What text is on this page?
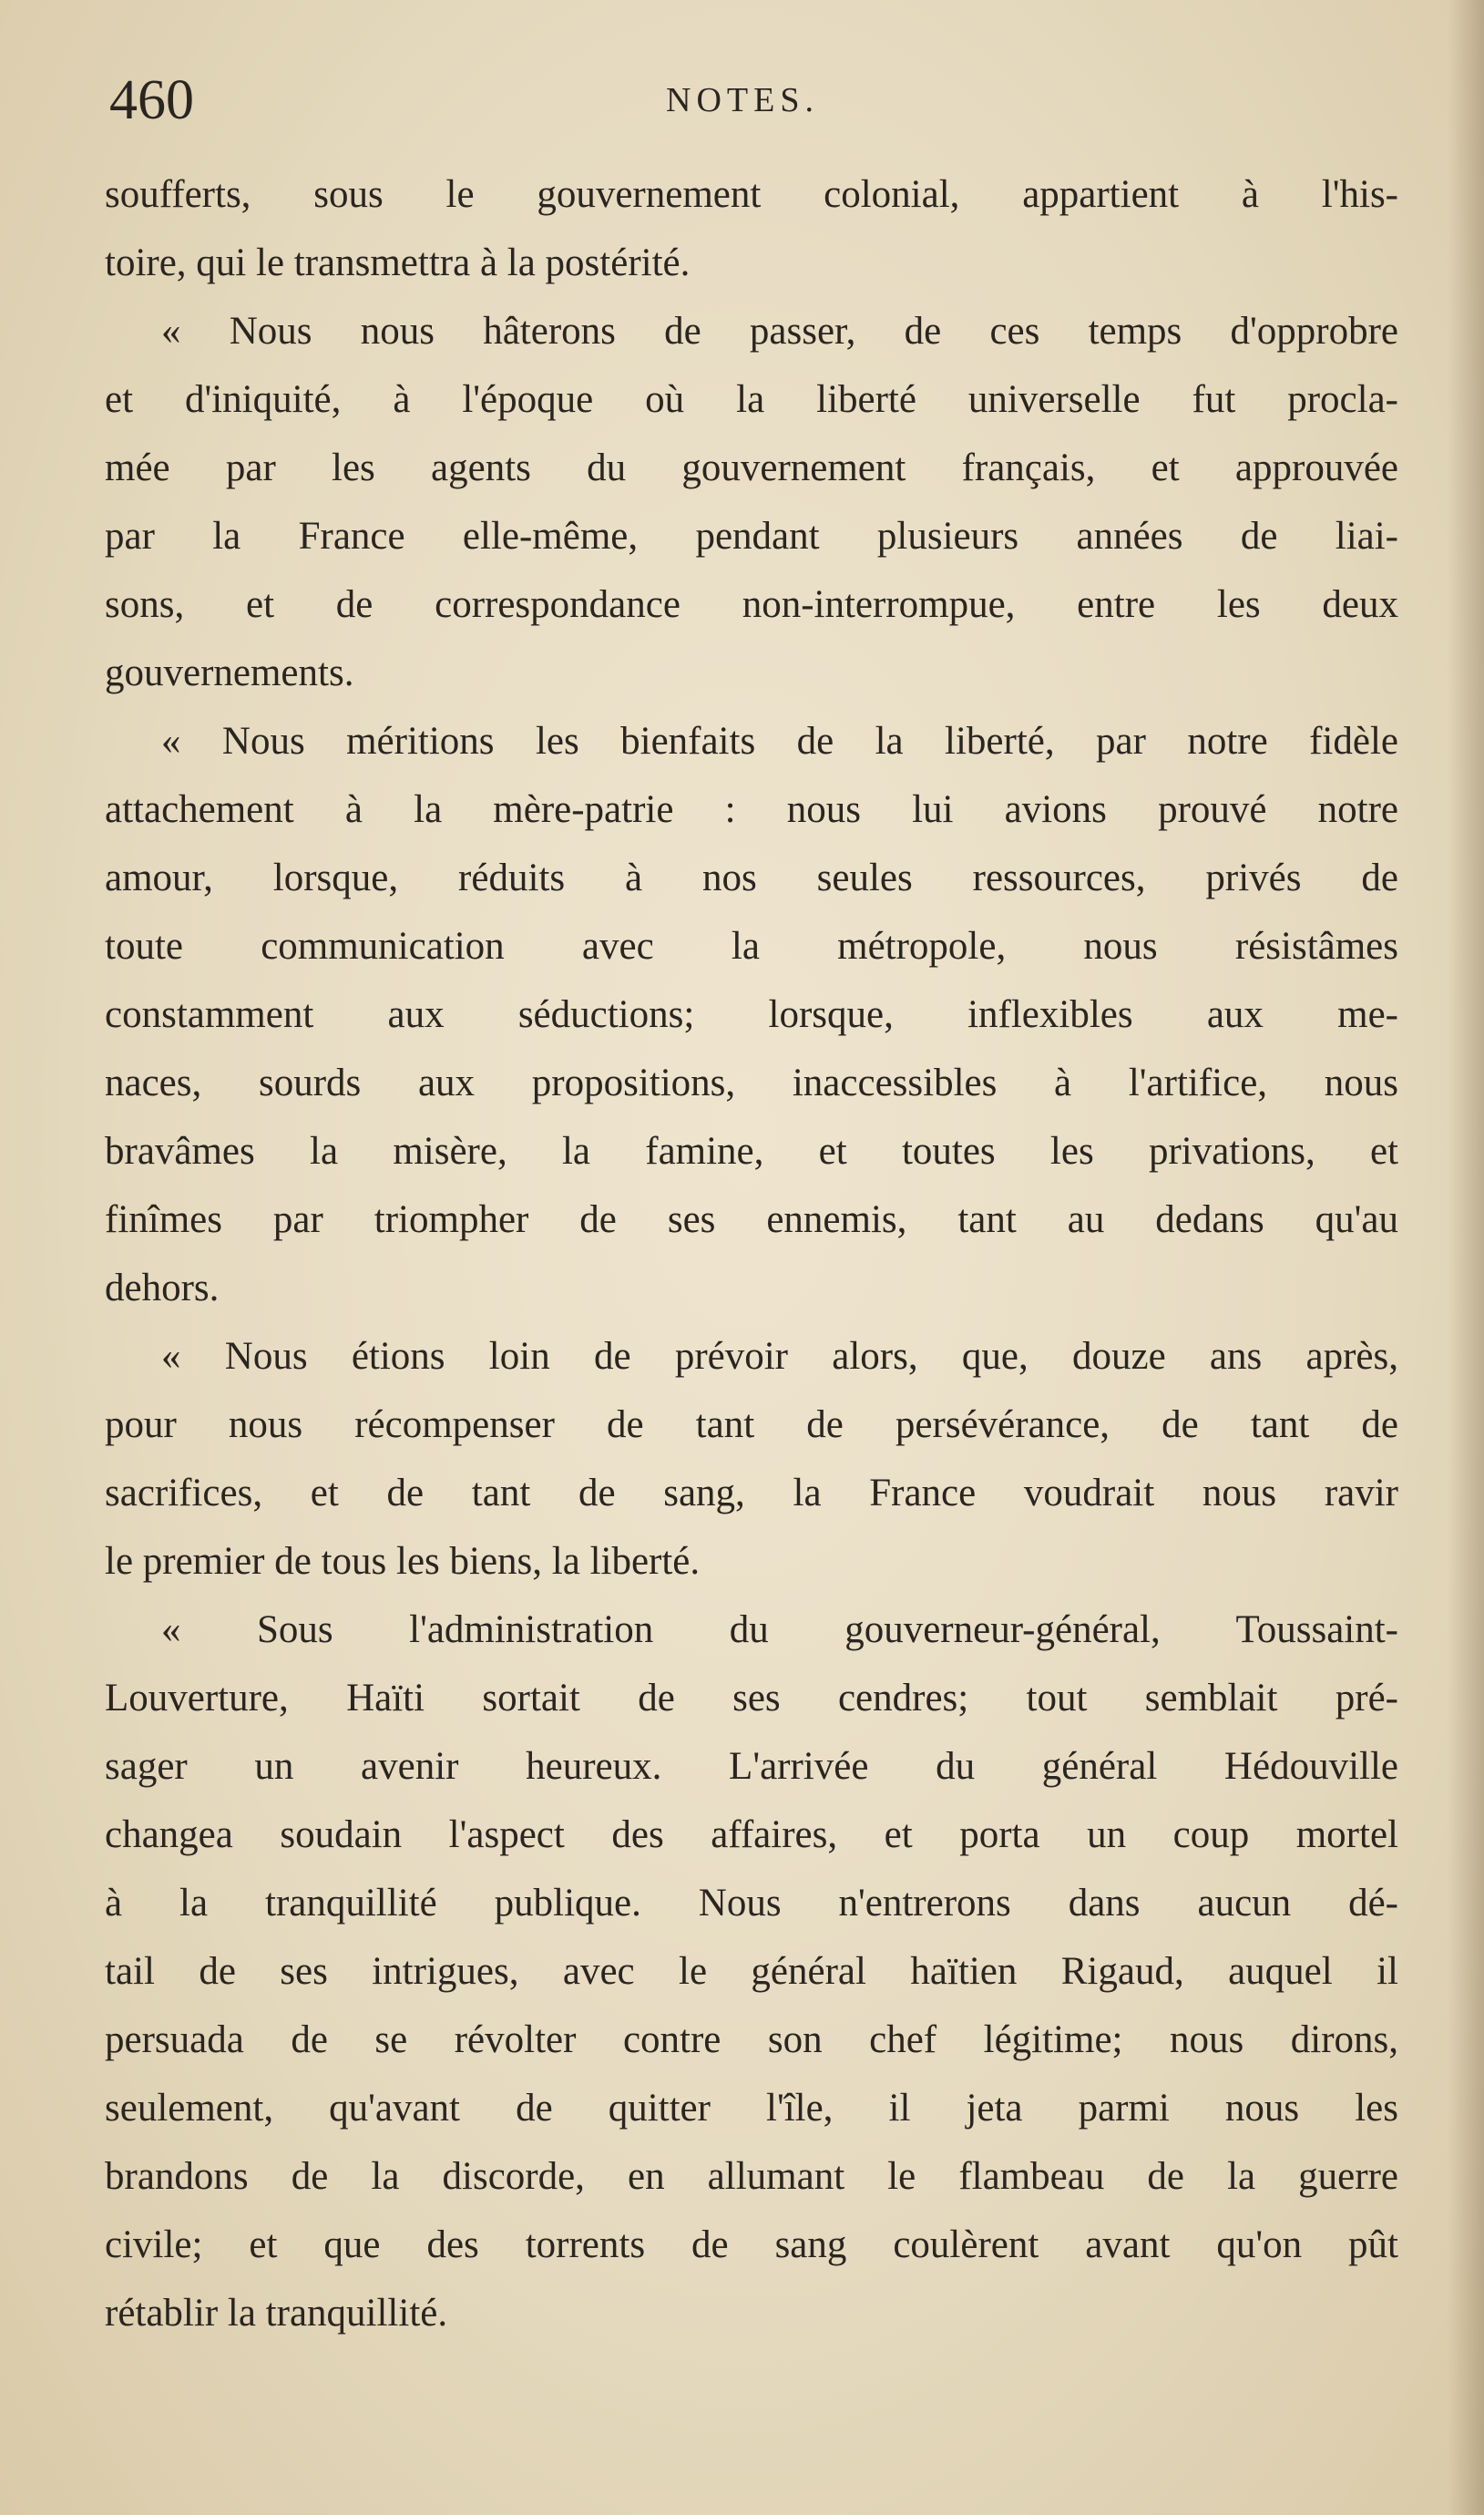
460	NOTES.
soufferts, sous le gouvernement colonial, appartient à l'his-
toire, qui le transmettra à la postérité.
« Nous nous hâterons de passer, de ces temps d'opprobre
et d'iniquité, à l'époque où la liberté universelle fut procla-
mée par les agents du gouvernement français, et approuvée
par la France elle-même, pendant plusieurs années de liai-
sons, et de correspondance non-interrompue, entre les deux
gouvernements.
« Nous méritions les bienfaits de la liberté, par notre fidèle
attachement à la mère-patrie : nous lui avions prouvé notre
amour, lorsque, réduits à nos seules ressources, privés de
toute communication avec la métropole, nous résistâmes
constamment aux séductions; lorsque, inflexibles aux me-
naces, sourds aux propositions, inaccessibles à l'artifice, nous
bravâmes la misère, la famine, et toutes les privations, et
finîmes par triompher de ses ennemis, tant au dedans qu'au
dehors.
« Nous étions loin de prévoir alors, que, douze ans après,
pour nous récompenser de tant de persévérance, de tant de
sacrifices, et de tant de sang, la France voudrait nous ravir
le premier de tous les biens, la liberté.
« Sous l'administration du gouverneur-général, Toussaint-
Louverture, Haïti sortait de ses cendres; tout semblait pré-
sager un avenir heureux. L'arrivée du général Hédouville
changea soudain l'aspect des affaires, et porta un coup mortel
à la tranquillité publique. Nous n'entrerons dans aucun dé-
tail de ses intrigues, avec le général haïtien Rigaud, auquel il
persuada de se révolter contre son chef légitime; nous dirons,
seulement, qu'avant de quitter l'île, il jeta parmi nous les
brandons de la discorde, en allumant le flambeau de la guerre
civile; et que des torrents de sang coulèrent avant qu'on pût
rétablir la tranquillité.
